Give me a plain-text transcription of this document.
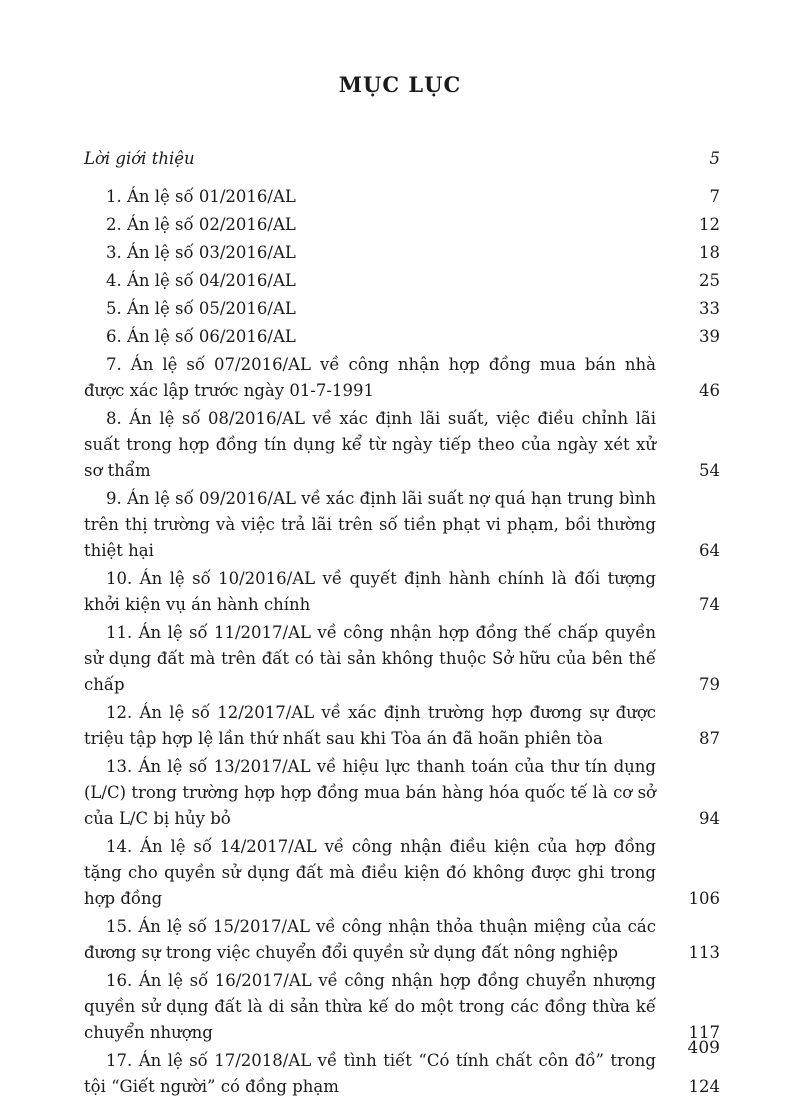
MỤC LỤC
Lời giới thiệu	5
1. Án lệ số 01/2016/AL	7
2. Án lệ số 02/2016/AL	12
3. Án lệ số 03/2016/AL	18
4. Án lệ số 04/2016/AL	25
5. Án lệ số 05/2016/AL	33
6. Án lệ số 06/2016/AL	39
7. Án lệ số 07/2016/AL về công nhận hợp đồng mua bán nhà được xác lập trước ngày 01-7-1991	46
8. Án lệ số 08/2016/AL về xác định lãi suất, việc điều chỉnh lãi suất trong hợp đồng tín dụng kể từ ngày tiếp theo của ngày xét xử sơ thẩm	54
9. Án lệ số 09/2016/AL về xác định lãi suất nợ quá hạn trung bình trên thị trường và việc trả lãi trên số tiền phạt vi phạm, bồi thường thiệt hại	64
10. Án lệ số 10/2016/AL về quyết định hành chính là đối tượng khởi kiện vụ án hành chính	74
11. Án lệ số 11/2017/AL về công nhận hợp đồng thế chấp quyền sử dụng đất mà trên đất có tài sản không thuộc Sở hữu của bên thế chấp	79
12. Án lệ số 12/2017/AL về xác định trường hợp đương sự được triệu tập hợp lệ lần thứ nhất sau khi Tòa án đã hoãn phiên tòa	87
13. Án lệ số 13/2017/AL về hiệu lực thanh toán của thư tín dụng (L/C) trong trường hợp hợp đồng mua bán hàng hóa quốc tế là cơ sở của L/C bị hủy bỏ	94
14. Án lệ số 14/2017/AL về công nhận điều kiện của hợp đồng tặng cho quyền sử dụng đất mà điều kiện đó không được ghi trong hợp đồng	106
15. Án lệ số 15/2017/AL về công nhận thỏa thuận miệng của các đương sự trong việc chuyển đổi quyền sử dụng đất nông nghiệp	113
16. Án lệ số 16/2017/AL về công nhận hợp đồng chuyển nhượng quyền sử dụng đất là di sản thừa kế do một trong các đồng thừa kế chuyển nhượng	117
17. Án lệ số 17/2018/AL về tình tiết “Có tính chất côn đồ” trong tội “Giết người” có đồng phạm	124
409
